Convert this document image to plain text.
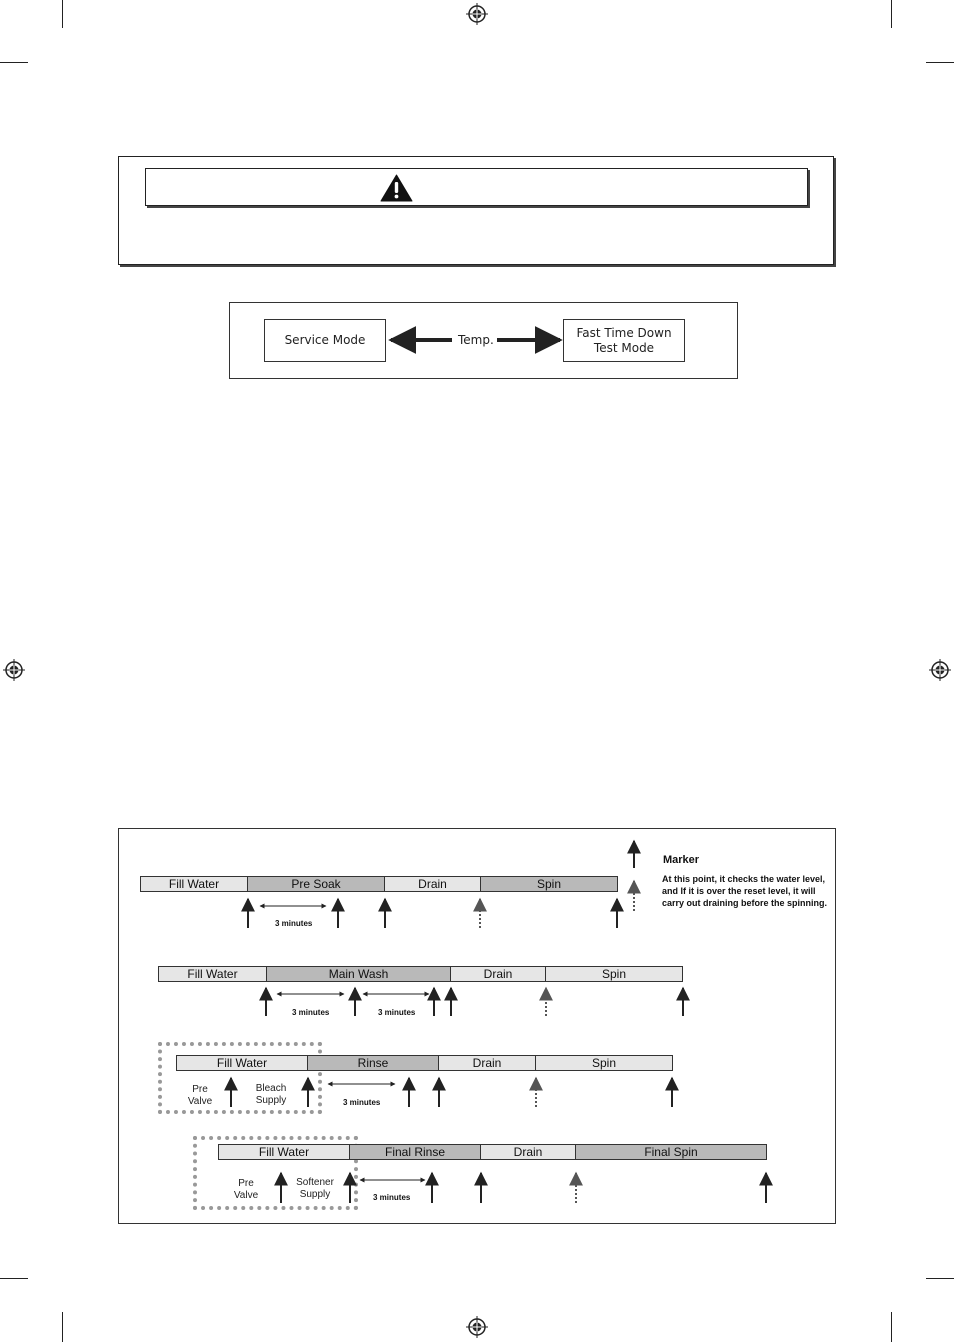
Service Mode
Fast Time Down
Test Mode
Temp.
Marker
At this point, it checks the water level, and If it is over the reset level, it will carry out draining before the spinning.
Fill Water	Pre Soak	Drain	Spin
3 minutes
Fill Water	Main Wash	Drain	Spin
3 minutes	3 minutes
Fill Water	Rinse	Drain	Spin
Pre
Valve
Bleach
Supply	3 minutes
Fill Water	Final Rinse	Drain	Final Spin
Pre
Valve
Softener
Supply	3 minutes
